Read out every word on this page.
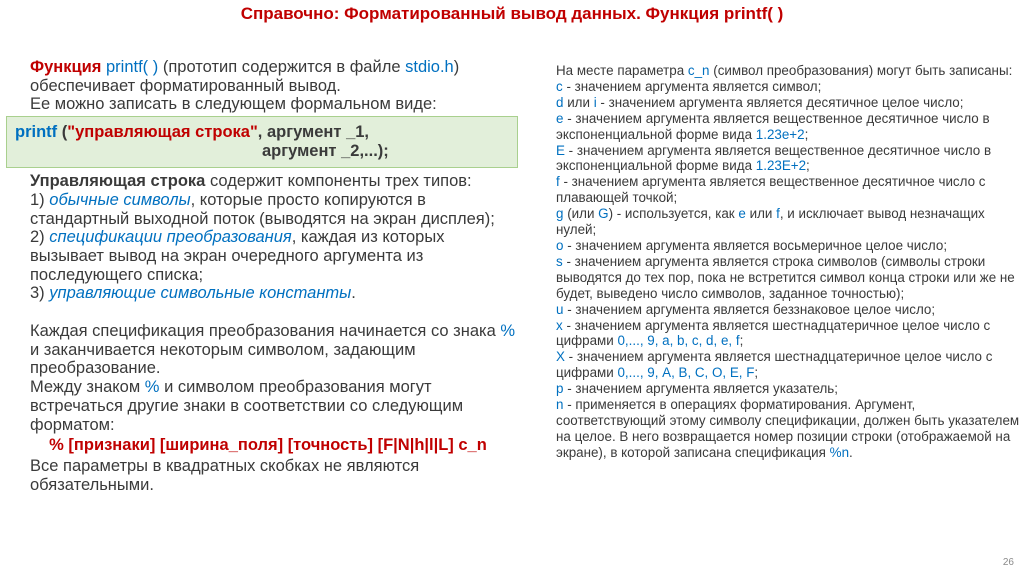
Справочно: Форматированный вывод данных. Функция printf( )

Функция printf( ) (прототип содержится в файле stdio.h) обеспечивает форматированный вывод.

Ее можно записать в следующем формальном виде:

printf ("управляющая строка", аргумент _1,
аргумент _2,...);

Управляющая строка содержит компоненты трех типов:

1) обычные символы, которые просто копируются в стандартный выходной поток (выводятся на экран дисплея);

2) спецификации преобразования, каждая из которых вызывает вывод на экран очередного аргумента из последующего списка;

3) управляющие символьные константы.

Каждая спецификация преобразования начинается со знака % и заканчивается некоторым символом, задающим преобразование.

Между знаком % и символом преобразования могут встречаться другие знаки в соответствии со следующим форматом:

% [признаки] [ширина_поля] [точность] [F|N|h|l|L] c_n

Все параметры в квадратных скобках не являются обязательными.

На месте параметра c_n (символ преобразования) могут быть записаны:

c - значением аргумента является символ;

d или i - значением аргумента является десятичное целое число;

e - значением аргумента является вещественное десятичное число в экспоненциальной форме вида 1.23e+2;

E - значением аргумента является вещественное десятичное число в экспоненциальной форме вида 1.23E+2;

f - значением аргумента является вещественное десятичное число с плавающей точкой;

g (или G) - используется, как e или f, и исключает вывод незначащих нулей;

o - значением аргумента является восьмеричное целое число;

s - значением аргумента является строка символов (символы строки выводятся до тех пор, пока не встретится символ конца строки или же не будет, выведено число символов, заданное точностью);

u - значением аргумента является беззнаковое целое число;

x - значением аргумента является шестнадцатеричное целое число с цифрами 0,..., 9, a, b, c, d, e, f;

X - значением аргумента является шестнадцатеричное целое число с цифрами 0,..., 9, A, B, C, O, E, F;

p - значением аргумента является указатель;

n - применяется в операциях форматирования. Аргумент, соответствующий этому символу спецификации, должен быть указателем на целое. В него возвращается номер позиции строки (отображаемой на экране), в которой записана спецификация %n.

26
